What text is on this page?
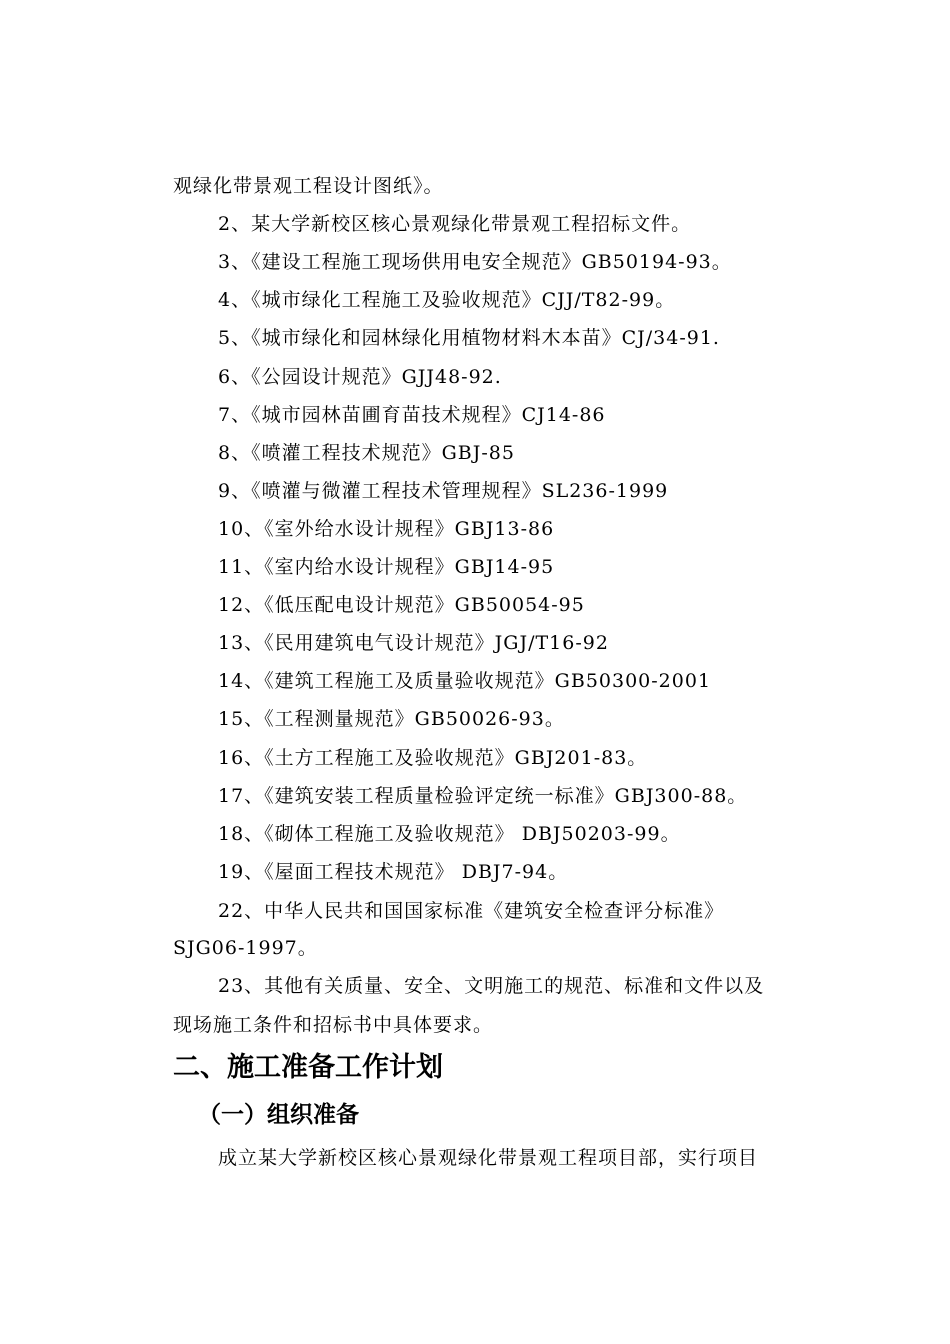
观绿化带景观工程设计图纸》。
2、某大学新校区核心景观绿化带景观工程招标文件。
3、《建设工程施工现场供用电安全规范》GB50194-93。
4、《城市绿化工程施工及验收规范》CJJ/T82-99。
5、《城市绿化和园林绿化用植物材料木本苗》CJ/34-91.
6、《公园设计规范》GJJ48-92.
7、《城市园林苗圃育苗技术规程》CJ14-86
8、《喷灌工程技术规范》GBJ-85
9、《喷灌与微灌工程技术管理规程》SL236-1999
10、《室外给水设计规程》GBJ13-86
11、《室内给水设计规程》GBJ14-95
12、《低压配电设计规范》GB50054-95
13、《民用建筑电气设计规范》JGJ/T16-92
14、《建筑工程施工及质量验收规范》GB50300-2001
15、《工程测量规范》GB50026-93。
16、《土方工程施工及验收规范》GBJ201-83。
17、《建筑安装工程质量检验评定统一标准》GBJ300-88。
18、《砌体工程施工及验收规范》 DBJ50203-99。
19、《屋面工程技术规范》 DBJ7-94。
22、中华人民共和国国家标准《建筑安全检查评分标准》
SJG06-1997。
23、其他有关质量、安全、文明施工的规范、标准和文件以及
现场施工条件和招标书中具体要求。
二、施工准备工作计划
（一）组织准备
成立某大学新校区核心景观绿化带景观工程项目部，实行项目
